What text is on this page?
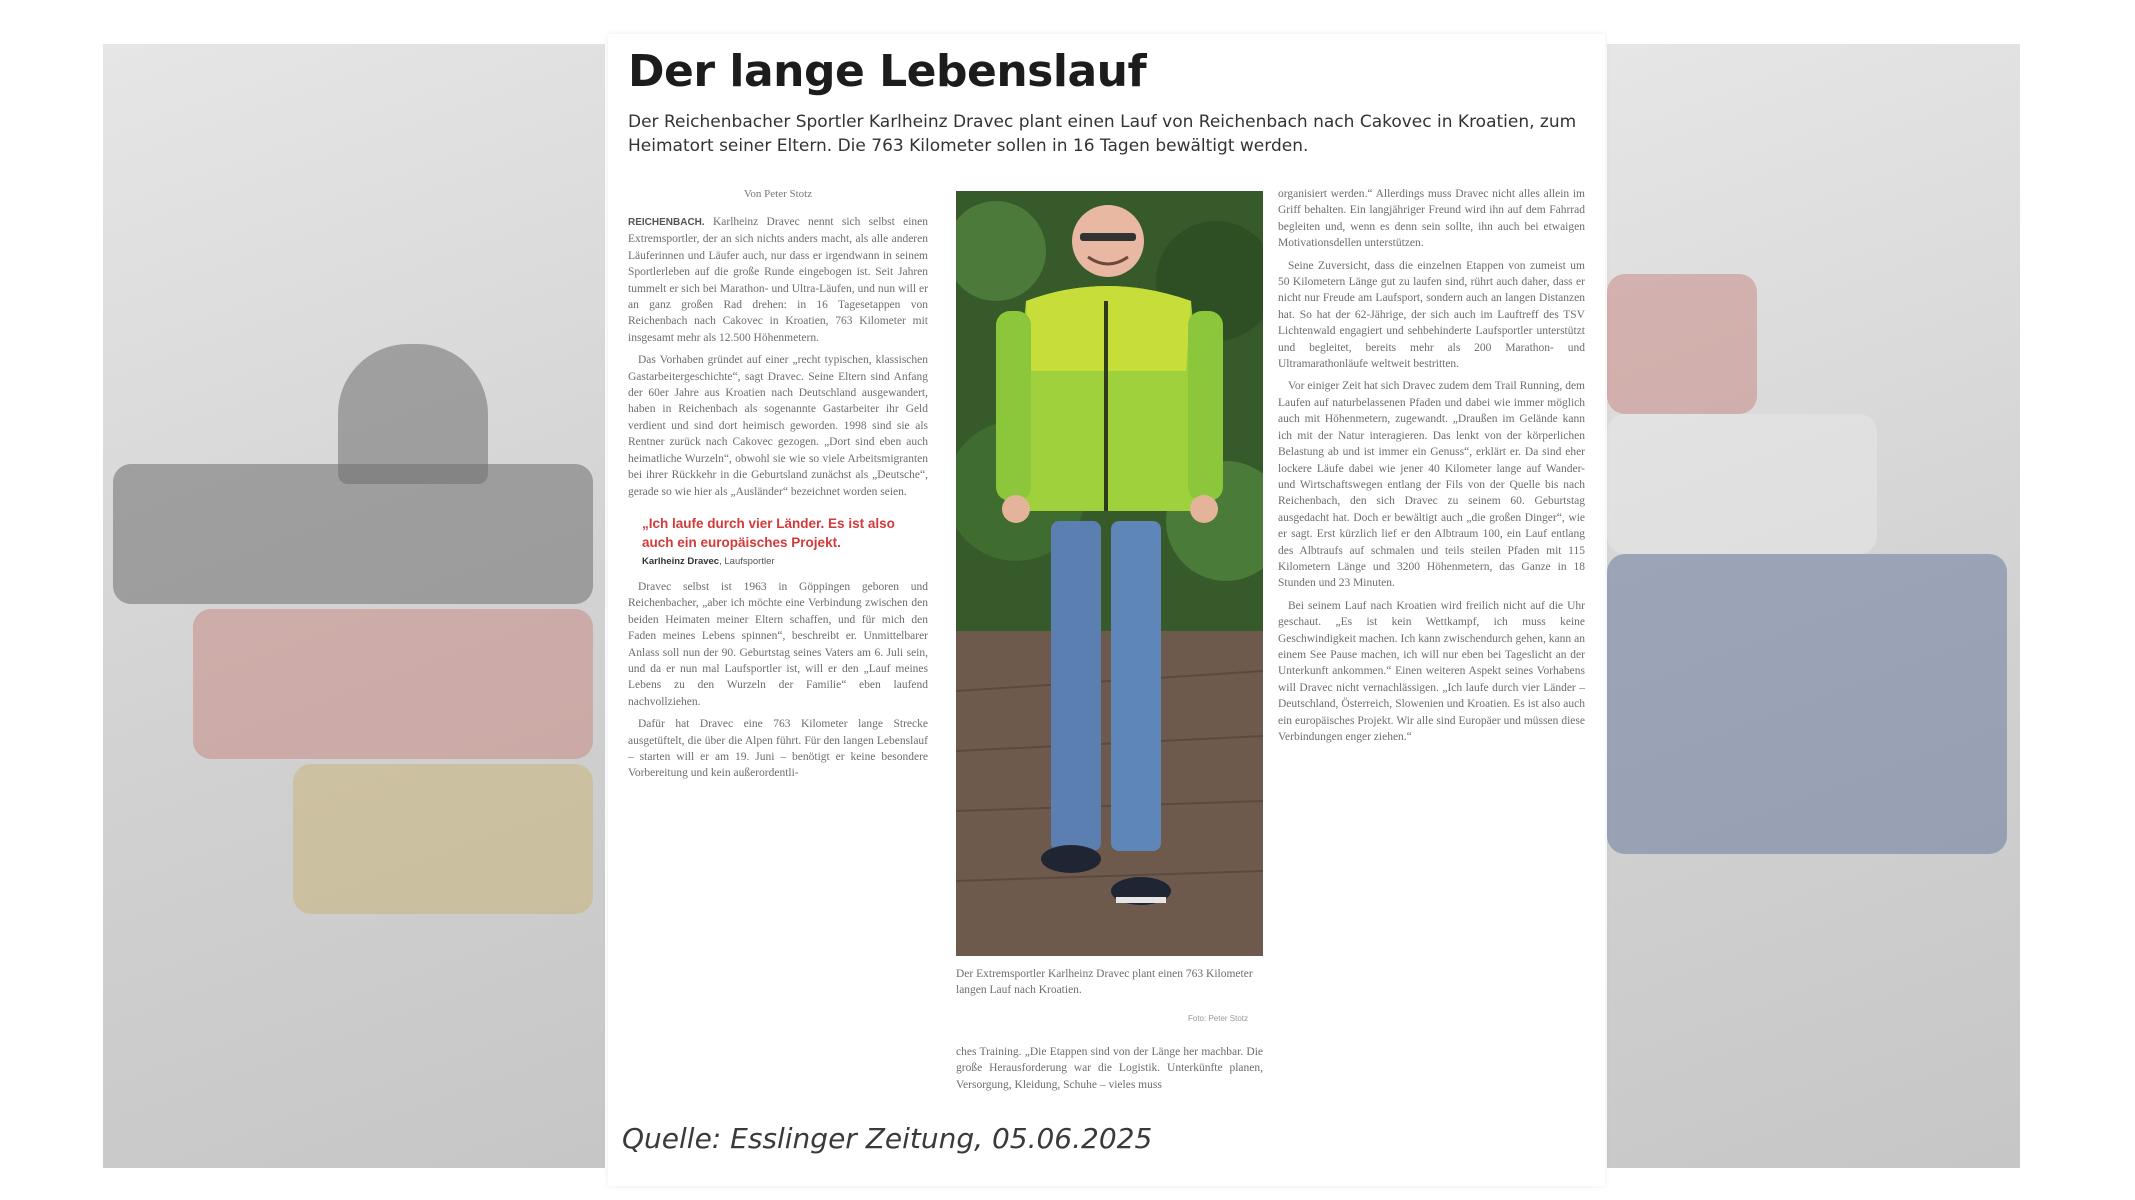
Der lange Lebenslauf

Der Reichenbacher Sportler Karlheinz Dravec plant einen Lauf von Reichenbach nach Cakovec in Kroatien, zum Heimatort seiner Eltern. Die 763 Kilometer sollen in 16 Tagen bewältigt werden.

Von Peter Stotz

REICHENBACH. Karlheinz Dravec nennt sich selbst einen Extremsportler, der an sich nichts anders macht, als alle anderen Läuferinnen und Läufer auch, nur dass er irgendwann in seinem Sportlerleben auf die große Runde eingebogen ist. Seit Jahren tummelt er sich bei Marathon- und Ultra-Läufen, und nun will er an ganz großen Rad drehen: in 16 Tagesetappen von Reichenbach nach Cakovec in Kroatien, 763 Kilometer mit insgesamt mehr als 12.500 Höhenmetern.

Das Vorhaben gründet auf einer „recht typischen, klassischen Gastarbeitergeschichte“, sagt Dravec. Seine Eltern sind Anfang der 60er Jahre aus Kroatien nach Deutschland ausgewandert, haben in Reichenbach als sogenannte Gastarbeiter ihr Geld verdient und sind dort heimisch geworden. 1998 sind sie als Rentner zurück nach Cakovec gezogen. „Dort sind eben auch heimatliche Wurzeln“, obwohl sie wie so viele Arbeitsmigranten bei ihrer Rückkehr in die Geburtsland zunächst als „Deutsche“, gerade so wie hier als „Ausländer“ bezeichnet worden seien.

„Ich laufe durch vier Länder. Es ist also auch ein europäisches Projekt.
Karlheinz Dravec, Laufsportler

Dravec selbst ist 1963 in Göppingen geboren und Reichenbacher, „aber ich möchte eine Verbindung zwischen den beiden Heimaten meiner Eltern schaffen, und für mich den Faden meines Lebens spinnen“, beschreibt er. Unmittelbarer Anlass soll nun der 90. Geburtstag seines Vaters am 6. Juli sein, und da er nun mal Laufsportler ist, will er den „Lauf meines Lebens zu den Wurzeln der Familie“ eben laufend nachvollziehen.

Dafür hat Dravec eine 763 Kilometer lange Strecke ausgetüftelt, die über die Alpen führt. Für den langen Lebenslauf – starten will er am 19. Juni – benötigt er keine besondere Vorbereitung und kein außerordentli-

Der Extremsportler Karlheinz Dravec plant einen 763 Kilometer langen Lauf nach Kroatien.

Foto: Peter Stotz

ches Training. „Die Etappen sind von der Länge her machbar. Die große Herausforderung war die Logistik. Unterkünfte planen, Versorgung, Kleidung, Schuhe – vieles muss

organisiert werden.“ Allerdings muss Dravec nicht alles allein im Griff behalten. Ein langjähriger Freund wird ihn auf dem Fahrrad begleiten und, wenn es denn sein sollte, ihn auch bei etwaigen Motivationsdellen unterstützen.

Seine Zuversicht, dass die einzelnen Etappen von zumeist um 50 Kilometern Länge gut zu laufen sind, rührt auch daher, dass er nicht nur Freude am Laufsport, sondern auch an langen Distanzen hat. So hat der 62-Jährige, der sich auch im Lauftreff des TSV Lichtenwald engagiert und sehbehinderte Laufsportler unterstützt und begleitet, bereits mehr als 200 Marathon- und Ultramarathonläufe weltweit bestritten.

Vor einiger Zeit hat sich Dravec zudem dem Trail Running, dem Laufen auf naturbelassenen Pfaden und dabei wie immer möglich auch mit Höhenmetern, zugewandt. „Draußen im Gelände kann ich mit der Natur interagieren. Das lenkt von der körperlichen Belastung ab und ist immer ein Genuss“, erklärt er. Da sind eher lockere Läufe dabei wie jener 40 Kilometer lange auf Wander- und Wirtschaftswegen entlang der Fils von der Quelle bis nach Reichenbach, den sich Dravec zu seinem 60. Geburtstag ausgedacht hat. Doch er bewältigt auch „die großen Dinger“, wie er sagt. Erst kürzlich lief er den Albtraum 100, ein Lauf entlang des Albtraufs auf schmalen und teils steilen Pfaden mit 115 Kilometern Länge und 3200 Höhenmetern, das Ganze in 18 Stunden und 23 Minuten.

Bei seinem Lauf nach Kroatien wird freilich nicht auf die Uhr geschaut. „Es ist kein Wettkampf, ich muss keine Geschwindigkeit machen. Ich kann zwischendurch gehen, kann an einem See Pause machen, ich will nur eben bei Tageslicht an der Unterkunft ankommen.“ Einen weiteren Aspekt seines Vorhabens will Dravec nicht vernachlässigen. „Ich laufe durch vier Länder – Deutschland, Österreich, Slowenien und Kroatien. Es ist also auch ein europäisches Projekt. Wir alle sind Europäer und müssen diese Verbindungen enger ziehen.“

Quelle: Esslinger Zeitung, 05.06.2025
